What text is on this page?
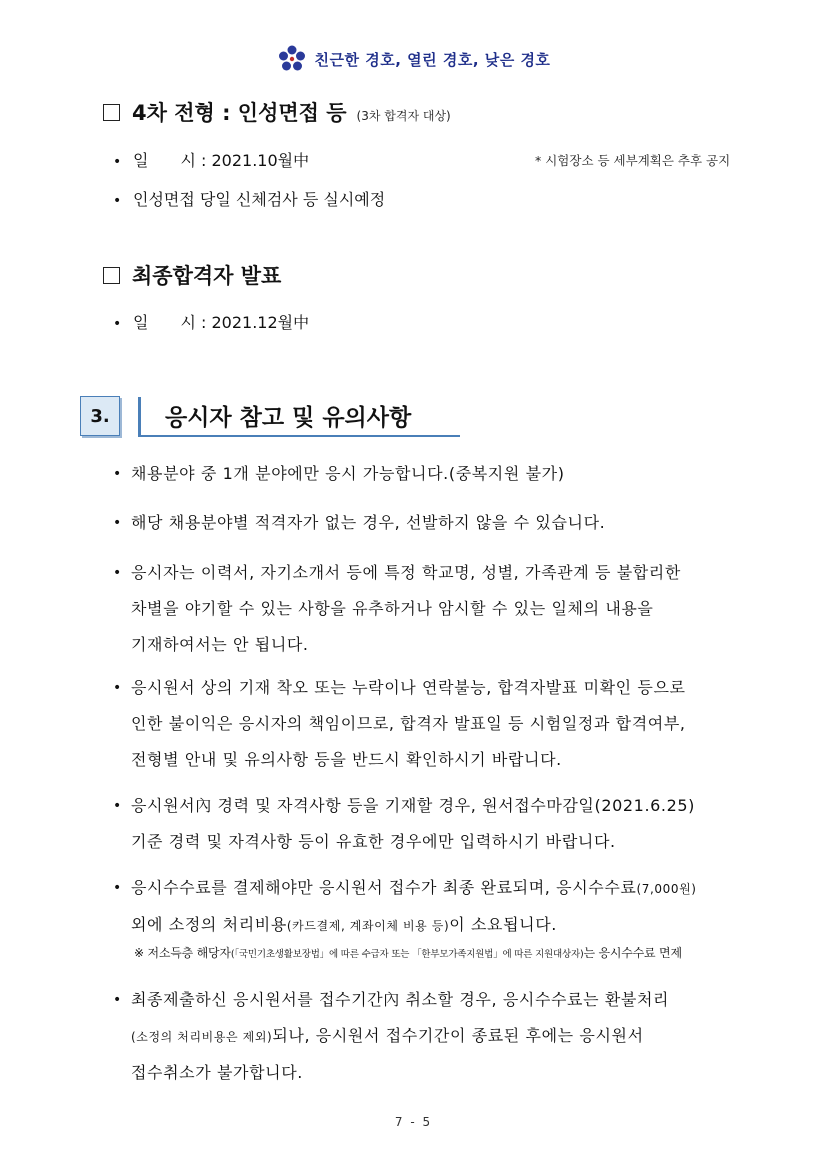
친근한 경호, 열린 경호, 낮은 경호
4차 전형 : 인성면접 등 (3차 합격자 대상)
• 일　　시 : 2021.10월中	* 시험장소 등 세부계획은 추후 공지
• 인성면접 당일 신체검사 등 실시예정
최종합격자 발표
• 일　　시 : 2021.12월中
3.	응시자 참고 및 유의사항
• 채용분야 중 1개 분야에만 응시 가능합니다.(중복지원 불가)
• 해당 채용분야별 적격자가 없는 경우, 선발하지 않을 수 있습니다.
• 응시자는 이력서, 자기소개서 등에 특정 학교명, 성별, 가족관계 등 불합리한
차별을 야기할 수 있는 사항을 유추하거나 암시할 수 있는 일체의 내용을
기재하여서는 안 됩니다.
• 응시원서 상의 기재 착오 또는 누락이나 연락불능, 합격자발표 미확인 등으로
인한 불이익은 응시자의 책임이므로, 합격자 발표일 등 시험일정과 합격여부,
전형별 안내 및 유의사항 등을 반드시 확인하시기 바랍니다.
• 응시원서內 경력 및 자격사항 등을 기재할 경우, 원서접수마감일(2021.6.25)
기준 경력 및 자격사항 등이 유효한 경우에만 입력하시기 바랍니다.
• 응시수수료를 결제해야만 응시원서 접수가 최종 완료되며, 응시수수료(7,000원)
외에 소정의 처리비용(카드결제, 계좌이체 비용 등)이 소요됩니다.
※ 저소득층 해당자(「국민기초생활보장법」에 따른 수급자 또는 「한부모가족지원법」에 따른 지원대상자)는 응시수수료 면제
• 최종제출하신 응시원서를 접수기간內 취소할 경우, 응시수수료는 환불처리
(소정의 처리비용은 제외)되나, 응시원서 접수기간이 종료된 후에는 응시원서
접수취소가 불가합니다.
7 - 5
